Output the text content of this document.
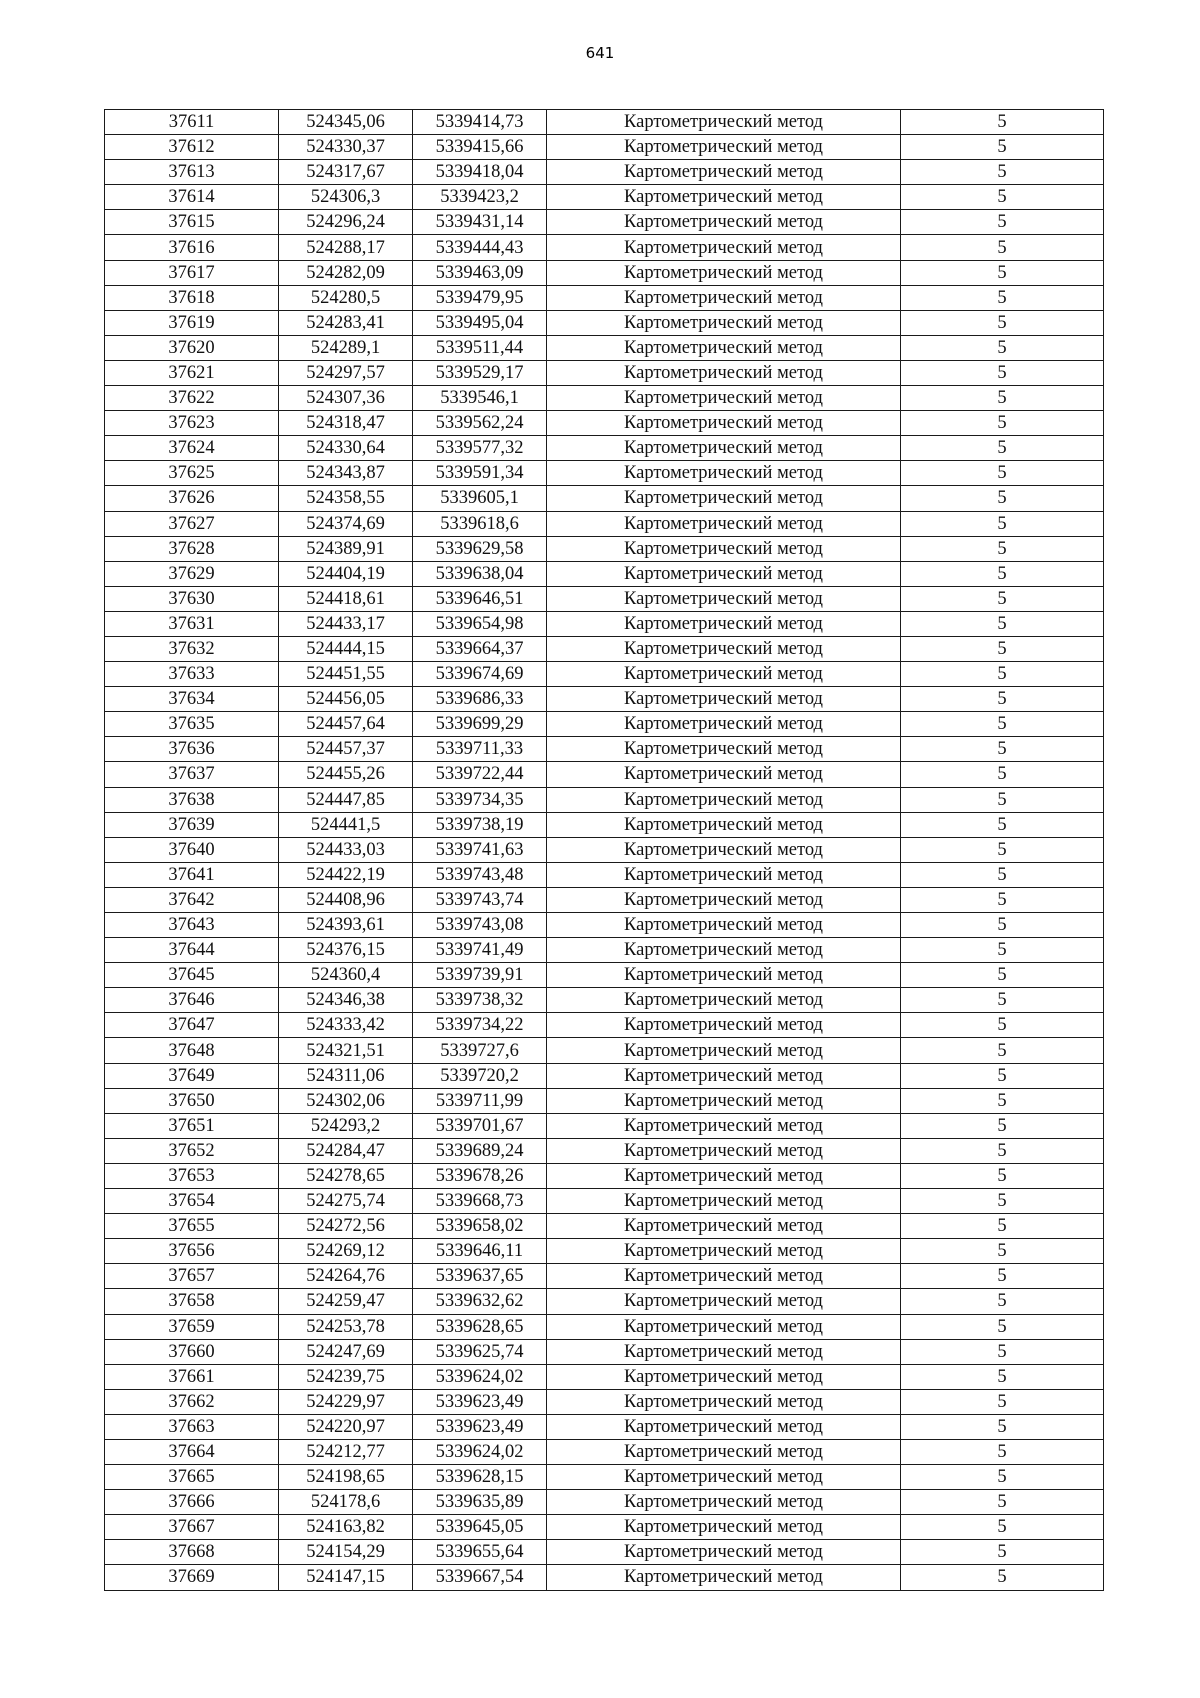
641
37611	524345,06	5339414,73	Картометрический метод	5
37612	524330,37	5339415,66	Картометрический метод	5
37613	524317,67	5339418,04	Картометрический метод	5
37614	524306,3	5339423,2	Картометрический метод	5
37615	524296,24	5339431,14	Картометрический метод	5
37616	524288,17	5339444,43	Картометрический метод	5
37617	524282,09	5339463,09	Картометрический метод	5
37618	524280,5	5339479,95	Картометрический метод	5
37619	524283,41	5339495,04	Картометрический метод	5
37620	524289,1	5339511,44	Картометрический метод	5
37621	524297,57	5339529,17	Картометрический метод	5
37622	524307,36	5339546,1	Картометрический метод	5
37623	524318,47	5339562,24	Картометрический метод	5
37624	524330,64	5339577,32	Картометрический метод	5
37625	524343,87	5339591,34	Картометрический метод	5
37626	524358,55	5339605,1	Картометрический метод	5
37627	524374,69	5339618,6	Картометрический метод	5
37628	524389,91	5339629,58	Картометрический метод	5
37629	524404,19	5339638,04	Картометрический метод	5
37630	524418,61	5339646,51	Картометрический метод	5
37631	524433,17	5339654,98	Картометрический метод	5
37632	524444,15	5339664,37	Картометрический метод	5
37633	524451,55	5339674,69	Картометрический метод	5
37634	524456,05	5339686,33	Картометрический метод	5
37635	524457,64	5339699,29	Картометрический метод	5
37636	524457,37	5339711,33	Картометрический метод	5
37637	524455,26	5339722,44	Картометрический метод	5
37638	524447,85	5339734,35	Картометрический метод	5
37639	524441,5	5339738,19	Картометрический метод	5
37640	524433,03	5339741,63	Картометрический метод	5
37641	524422,19	5339743,48	Картометрический метод	5
37642	524408,96	5339743,74	Картометрический метод	5
37643	524393,61	5339743,08	Картометрический метод	5
37644	524376,15	5339741,49	Картометрический метод	5
37645	524360,4	5339739,91	Картометрический метод	5
37646	524346,38	5339738,32	Картометрический метод	5
37647	524333,42	5339734,22	Картометрический метод	5
37648	524321,51	5339727,6	Картометрический метод	5
37649	524311,06	5339720,2	Картометрический метод	5
37650	524302,06	5339711,99	Картометрический метод	5
37651	524293,2	5339701,67	Картометрический метод	5
37652	524284,47	5339689,24	Картометрический метод	5
37653	524278,65	5339678,26	Картометрический метод	5
37654	524275,74	5339668,73	Картометрический метод	5
37655	524272,56	5339658,02	Картометрический метод	5
37656	524269,12	5339646,11	Картометрический метод	5
37657	524264,76	5339637,65	Картометрический метод	5
37658	524259,47	5339632,62	Картометрический метод	5
37659	524253,78	5339628,65	Картометрический метод	5
37660	524247,69	5339625,74	Картометрический метод	5
37661	524239,75	5339624,02	Картометрический метод	5
37662	524229,97	5339623,49	Картометрический метод	5
37663	524220,97	5339623,49	Картометрический метод	5
37664	524212,77	5339624,02	Картометрический метод	5
37665	524198,65	5339628,15	Картометрический метод	5
37666	524178,6	5339635,89	Картометрический метод	5
37667	524163,82	5339645,05	Картометрический метод	5
37668	524154,29	5339655,64	Картометрический метод	5
37669	524147,15	5339667,54	Картометрический метод	5
